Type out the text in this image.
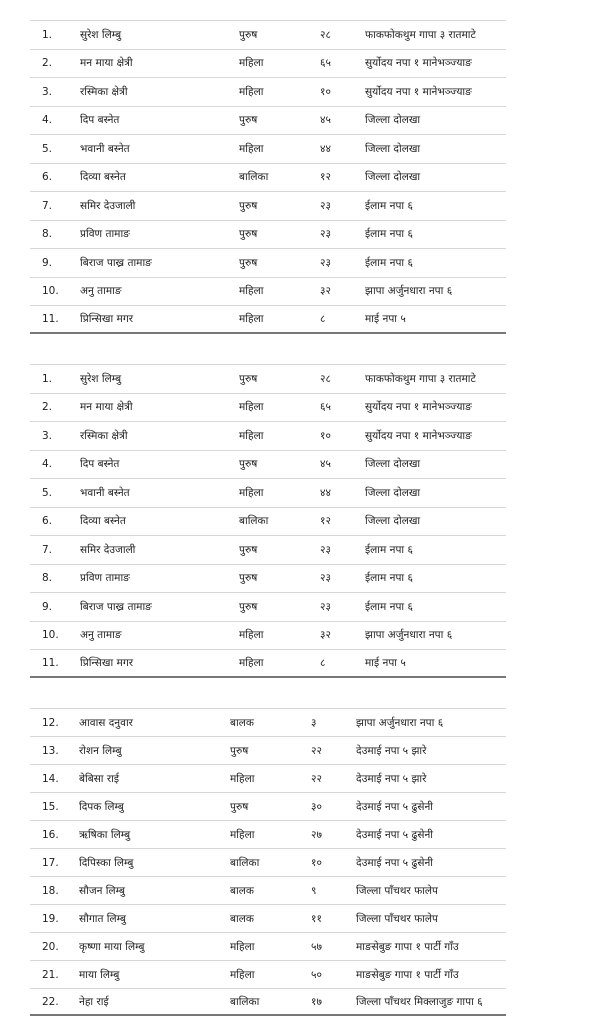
1.	सुरेश लिम्बु	पुरुष	२८	फाकफोकथुम गापा ३ रातमाटे
2.	मन माया क्षेत्री	महिला	६५	सुर्योदय नपा १ मानेभञ्ज्याङ
3.	रस्मिका क्षेत्री	महिला	१०	सुर्योदय नपा १ मानेभञ्ज्याङ
4.	दिप बस्नेत	पुरुष	४५	जिल्ला दोलखा
5.	भवानी बस्नेत	महिला	४४	जिल्ला दोलखा
6.	दिव्या बस्नेत	बालिका	१२	जिल्ला दोलखा
7.	समिर देउजाली	पुरुष	२३	ईलाम नपा ६
8.	प्रविण तामाङ	पुरुष	२३	ईलाम नपा ६
9.	बिराज पाख्र तामाङ	पुरुष	२३	ईलाम नपा ६
10. अनु तामाङ	महिला	३२	झापा अर्जुनधारा नपा ६
11. प्रिन्सिखा मगर	महिला	८	माई नपा ५
1.	सुरेश लिम्बु	पुरुष	२८	फाकफोकथुम गापा ३ रातमाटे
2.	मन माया क्षेत्री	महिला	६५	सुर्योदय नपा १ मानेभञ्ज्याङ
3.	रस्मिका क्षेत्री	महिला	१०	सुर्योदय नपा १ मानेभञ्ज्याङ
4.	दिप बस्नेत	पुरुष	४५	जिल्ला दोलखा
5.	भवानी बस्नेत	महिला	४४	जिल्ला दोलखा
6.	दिव्या बस्नेत	बालिका	१२	जिल्ला दोलखा
7.	समिर देउजाली	पुरुष	२३	ईलाम नपा ६
8.	प्रविण तामाङ	पुरुष	२३	ईलाम नपा ६
9.	बिराज पाख्र तामाङ	पुरुष	२३	ईलाम नपा ६
10. अनु तामाङ	महिला	३२	झापा अर्जुनधारा नपा ६
11. प्रिन्सिखा मगर	महिला	८	माई नपा ५
12. आवास दनुवार	बालक	३	झापा अर्जुनधारा नपा ६
13. रोशन लिम्बु	पुरुष	२२	देउमाई नपा ५ झारे
14. बेबिसा राई	महिला	२२	देउमाई नपा ५ झारे
15. दिपक लिम्बु	पुरुष	३०	देउमाई नपा ५ ढुसेनी
16. ऋषिका लिम्बु	महिला	२७	देउमाई नपा ५ ढुसेनी
17. दिपिस्का लिम्बु	बालिका	१०	देउमाई नपा ५ ढुसेनी
18. सौजन लिम्बु	बालक	९	जिल्ला पाँचथर फालेप
19. सौगात लिम्बु	बालक	११	जिल्ला पाँचथर फालेप
20. कृष्णा माया लिम्बु	महिला	५७	माङसेबुङ गापा १ पार्टी गाँउ
21. माया लिम्बु	महिला	५०	माङसेबुङ गापा १ पार्टी गाँउ
22. नेहा राई	बालिका	१७	जिल्ला पाँचथर मिक्लाजुङ गापा ६
